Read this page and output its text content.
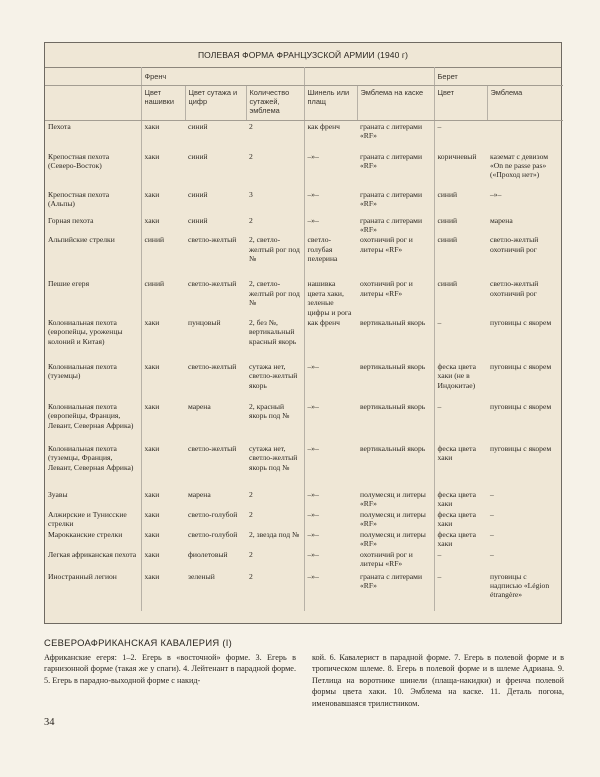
ПОЛЕВАЯ ФОРМА ФРАНЦУЗСКОЙ АРМИИ (1940 г)
	Френч					Берет	
	Цвет нашивки	Цвет сутажа и цифр	Количество сутажей, эмблема	Шинель или плащ	Эмблема на каске	Цвет	Эмблема
Пехота	хаки	синий	2	как френч	граната с литерами «RF»	–	
Крепостная пехота (Северо-Восток)	хаки	синий	2	–»–	граната с литерами «RF»	коричневый	каземат с девизом «On ne passe pas» («Проход нет»)
Крепостная пехота (Альпы)	хаки	синий	3	–»–	граната с литерами «RF»	синий	–»–
Горная пехота	хаки	синий	2	–»–	граната с литерами «RF»	синий	марена
Альпийские стрелки	синий	светло-желтый	2, светло-желтый рог под №	светло-голубая пелерина	охотничий рог и литеры «RF»	синий	светло-желтый охотничий рог
Пешие егеря	синий	светло-желтый	2, светло-желтый рог под №	нашивка цвета хаки, зеленые цифры и рога	охотничий рог и литеры «RF»	синий	светло-желтый охотничий рог
Колониальная пехота (европейцы, уроженцы колоний и Китая)	хаки	пунцовый	2, без №, вертикальный красный якорь	как френч	вертикальный якорь	–	пуговицы с якорем
Колониальная пехота (туземцы)	хаки	светло-желтый	сутажа нет, светло-желтый якорь	–»–	вертикальный якорь	феска цвета хаки (не в Индокитае)	пуговицы с якорем
Колониальная пехота (европейцы, Франция, Левант, Северная Африка)	хаки	марена	2, красный якорь под №	–»–	вертикальный якорь	–	пуговицы с якорем
Колониальная пехота (туземцы, Франция, Левант, Северная Африка)	хаки	светло-желтый	сутажа нет, светло-желтый якорь под №	–»–	вертикальный якорь	феска цвета хаки	пуговицы с якорем
Зуавы	хаки	марена	2	–»–	полумесяц и литеры «RF»	феска цвета хаки	–
Алжирские и Тунисские стрелки	хаки	светло-голубой	2	–»–	полумесяц и литеры «RF»	феска цвета хаки	–
Марокканские стрелки	хаки	светло-голубой	2, звезда под №	–»–	полумесяц и литеры «RF»	феска цвета хаки	–
Легкая африканская пехота	хаки	фиолетовый	2	–»–	охотничий рог и литеры «RF»	–	–
Иностранный легион	хаки	зеленый	2	–»–	граната с литерами «RF»	–	пуговицы с надписью «Légion étrangère»
СЕВЕРОАФРИКАНСКАЯ КАВАЛЕРИЯ (I)
Африканские егеря: 1–2. Егерь в «восточной» форме. 3. Егерь в гарнизонной форме (такая же у спаги). 4. Лейтенант в парадной форме. 5. Егерь в парадно-выходной форме с накид-
кой. 6. Кавалерист в парадной форме. 7. Егерь в полевой форме и в тропическом шлеме. 8. Егерь в полевой форме и в шлеме Адриана. 9. Петлица на воротнике шинели (плаща-накидки) и френча полевой формы цвета хаки. 10. Эмблема на каске. 11. Деталь погона, именовавшаяся трилистником.
34
